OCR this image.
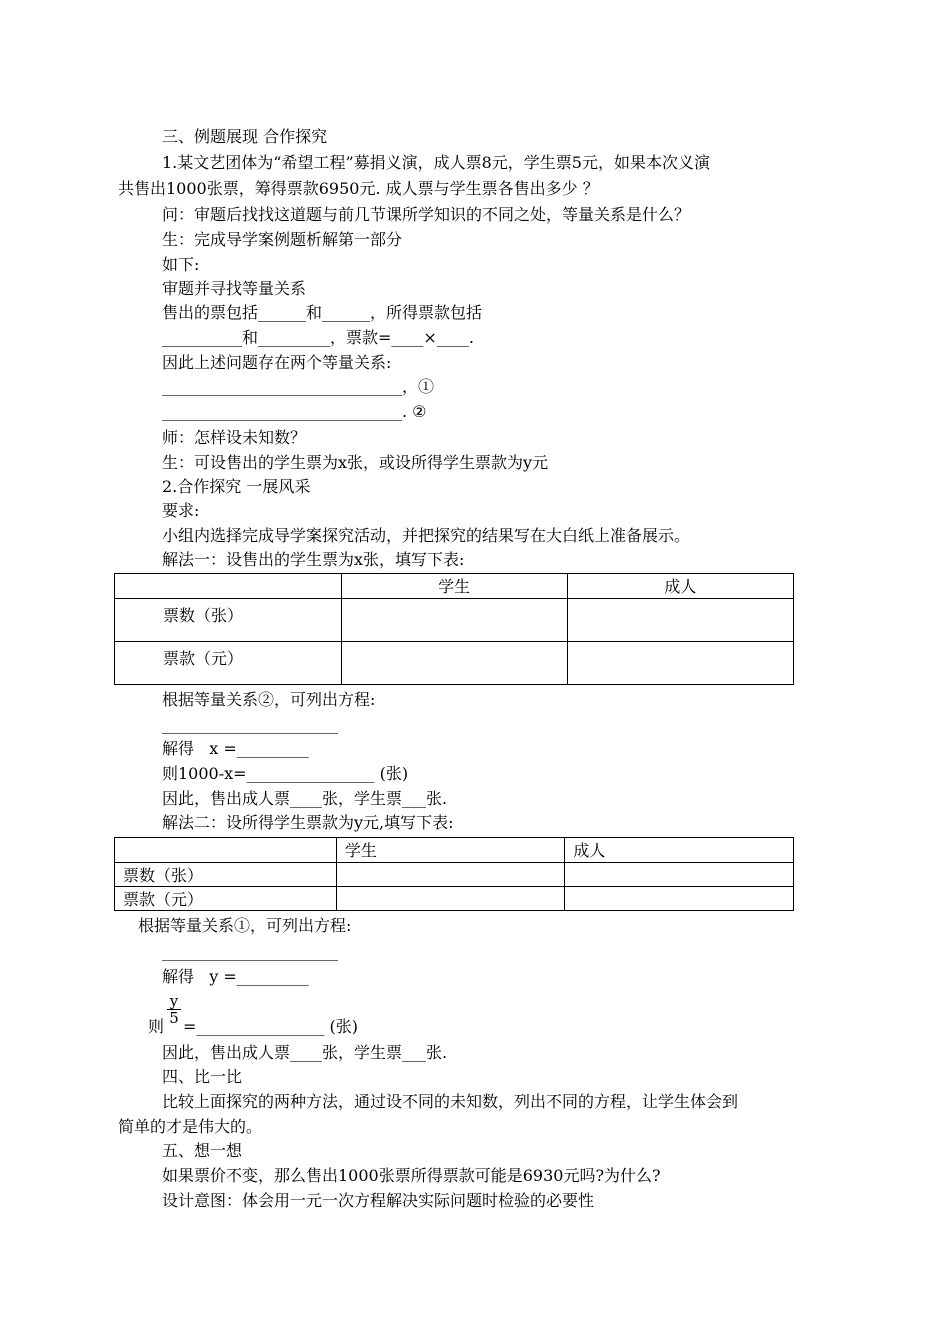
三、例题展现 合作探究
1.某文艺团体为“希望工程”募捐义演，成人票8元，学生票5元，如果本次义演
共售出1000张票，筹得票款6950元. 成人票与学生票各售出多少 ？
问：审题后找找这道题与前几节课所学知识的不同之处，等量关系是什么？
生：完成导学案例题析解第一部分
如下:
审题并寻找等量关系
售出的票包括______和______，所得票款包括
__________和_________，票款=____×____.
因此上述问题存在两个等量关系:
______________________________，①
______________________________. ②
师：怎样设未知数？
生：可设售出的学生票为x张，或设所得学生票款为y元
2.合作探究 一展风采
要求:
小组内选择完成导学案探究活动，并把探究的结果写在大白纸上准备展示。
解法一：设售出的学生票为x张，填写下表:
	学生	成人
票数（张）		
票款（元）		
根据等量关系②，可列出方程:
______________________
解得   x =_________
则1000-x=________________ (张)
因此，售出成人票____张，学生票___张.
解法二：设所得学生票款为y元,填写下表:
	学生	成人
票数（张）		
票款（元）		
根据等量关系①，可列出方程:
______________________
解得   y =_________
则
$\frac{y}{5}$
=________________ (张)
因此，售出成人票____张，学生票___张.
四、比一比
比较上面探究的两种方法，通过设不同的未知数，列出不同的方程，让学生体会到
简单的才是伟大的。
五、想一想
如果票价不变，那么售出1000张票所得票款可能是6930元吗?为什么?
设计意图：体会用一元一次方程解决实际问题时检验的必要性
